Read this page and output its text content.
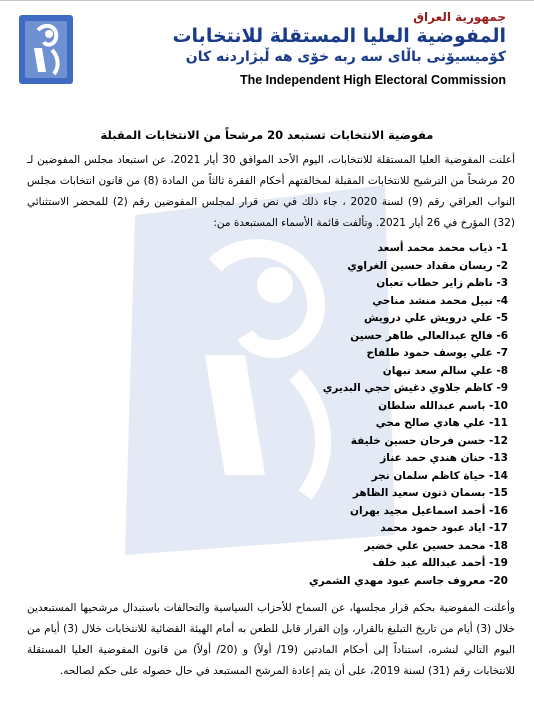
جمهورية العراق

المفوضية العليا المستقلة للانتخابات

كۆميسيۆنی باڵای سه ربه خۆی هه ڵبژاردنه كان

The Independent High Electoral Commission

مفوضية الانتخابات تستبعد 20 مرشحاً من الانتخابات المقبلة

أعلنت المفوضية العليا المستقلة للانتخابات، اليوم الأحد الموافق 30 أيار 2021، عن استبعاد مجلس المفوضين لـ 20 مرشحاً من الترشيح للانتخابات المقبلة لمخالفتهم أحكام الفقرة ثالثاً من المادة (8) من قانون انتخابات مجلس النواب العراقي رقم (9) لسنة 2020 ، جاء ذلك في نص قرار لمجلس المفوضين رقم (2) للمحضر الاستثنائي (32) المؤرخ في 26 أيار 2021. وتألفت قائمة الأسماء المستبعدة من:

1- ذياب محمد محمد أسعد
2- ريسان مقداد حسين الغراوي
3- ناظم زاير حطاب تعبان
4- نبيل محمد منشد مناحي
5- علي درويش علي درويش
6- فالح عبدالعالي طاهر حسين
7- علي يوسف حمود طلفاح
8- علي سالم سعد نبهان
9- كاظم جلاوي دغيش حجي البديري
10- باسم عبدالله سلطان
11- علي هادي صالح محي
12- حسن فرحان حسين خليفة
13- حنان هندي حمد عناز
14- حياة كاظم سلمان نجر
15- بسمان ذنون سعيد الظاهر
16- أحمد اسماعيل مجيد بهران
17- اياد عبود حمود محمد
18- محمد حسين علي خضير
19- أحمد عبدالله عبد خلف
20- معروف جاسم عبود مهدي الشمري

وأعلنت المفوضية بحكم قرار مجلسها، عن السماح للأحزاب السياسية والتحالفات باستبدال مرشحيها المستبعدين خلال (3) أيام من تاريخ التبليغ بالقرار، وإن القرار قابل للطعن به أمام الهيئة القضائية للانتخابات خلال (3) أيام من اليوم التالي لنشره، استناداً إلى أحكام المادتين (19/ أولاً) و (20/ أولاً) من قانون المفوضية العليا المستقلة للانتخابات رقم (31) لسنة 2019، على أن يتم إعادة المرشح المستبعد في حال حصوله على حكم لصالحه.
